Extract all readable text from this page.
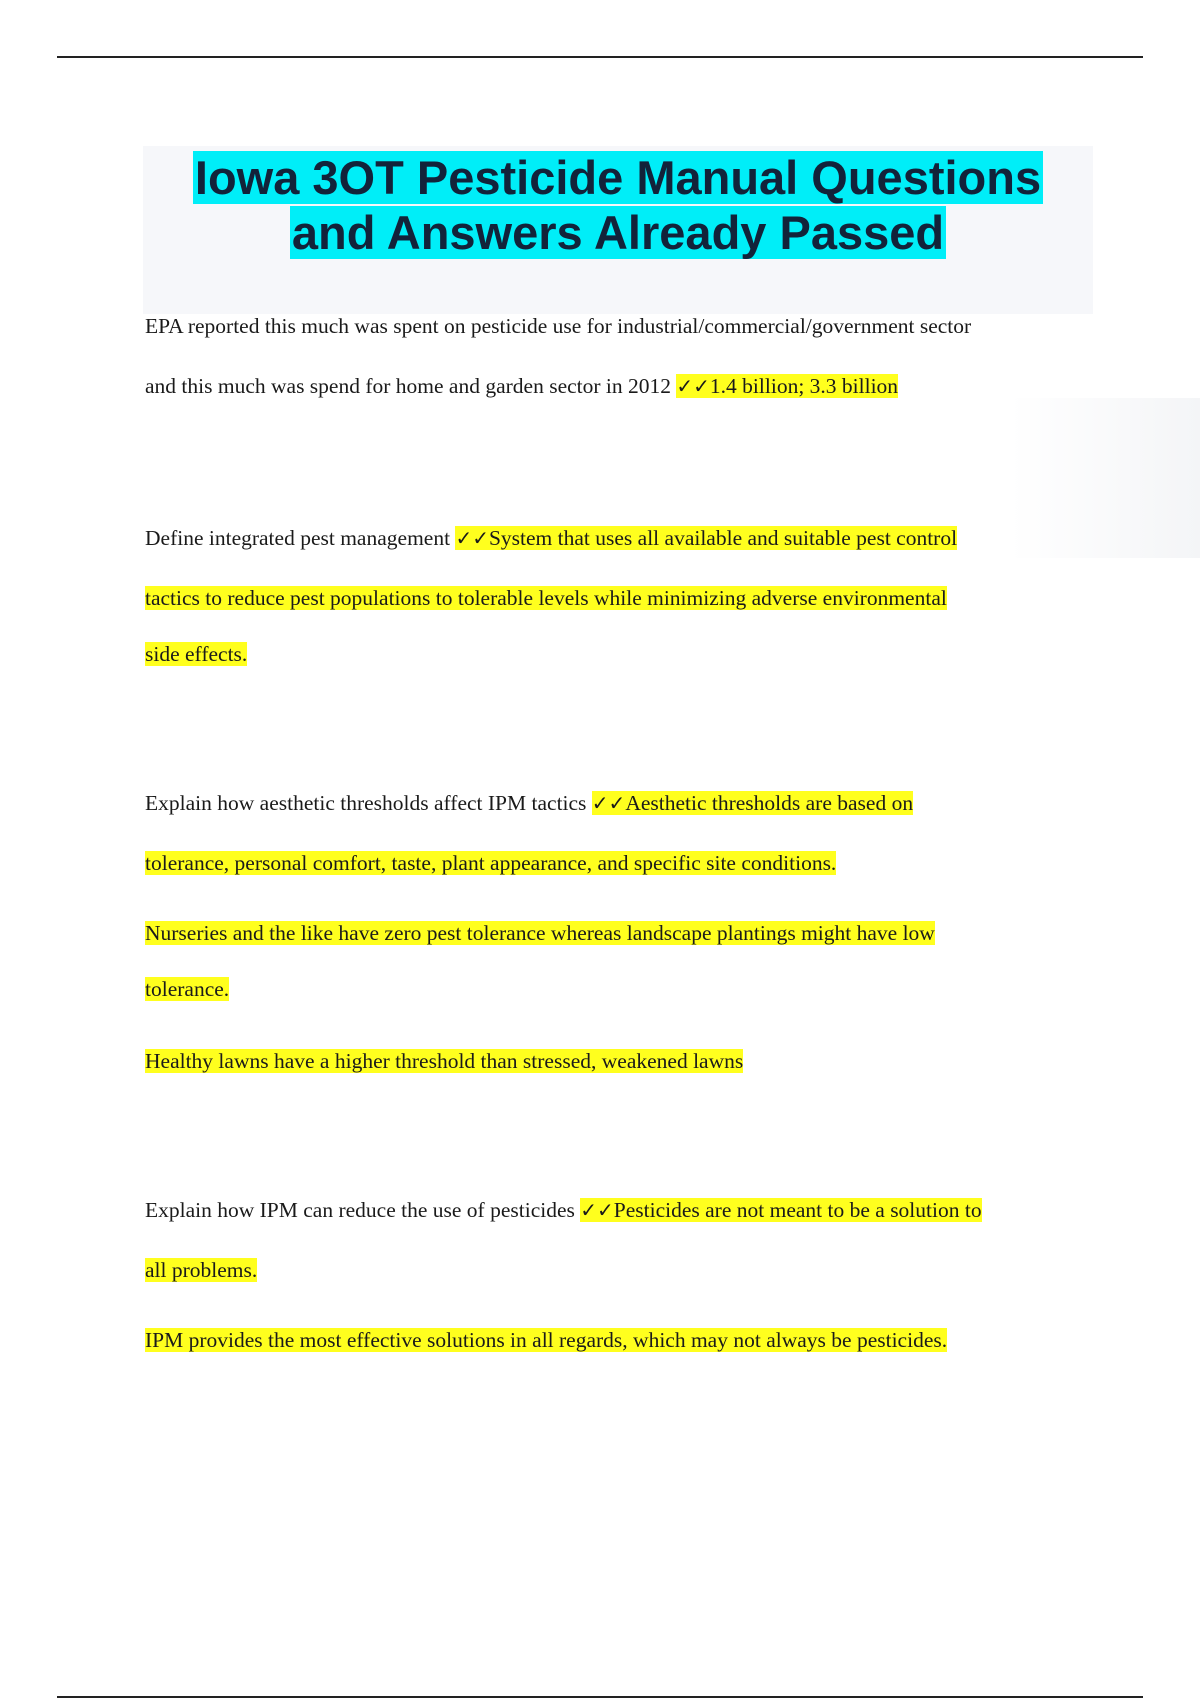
Iowa 3OT Pesticide Manual Questions
and Answers Already Passed
EPA reported this much was spent on pesticide use for industrial/commercial/government sector
and this much was spend for home and garden sector in 2012 ✓✓1.4 billion; 3.3 billion
Define integrated pest management ✓✓System that uses all available and suitable pest control
tactics to reduce pest populations to tolerable levels while minimizing adverse environmental
side effects.
Explain how aesthetic thresholds affect IPM tactics ✓✓Aesthetic thresholds are based on
tolerance, personal comfort, taste, plant appearance, and specific site conditions.
Nurseries and the like have zero pest tolerance whereas landscape plantings might have low
tolerance.
Healthy lawns have a higher threshold than stressed, weakened lawns
Explain how IPM can reduce the use of pesticides ✓✓Pesticides are not meant to be a solution to
all problems.
IPM provides the most effective solutions in all regards, which may not always be pesticides.
